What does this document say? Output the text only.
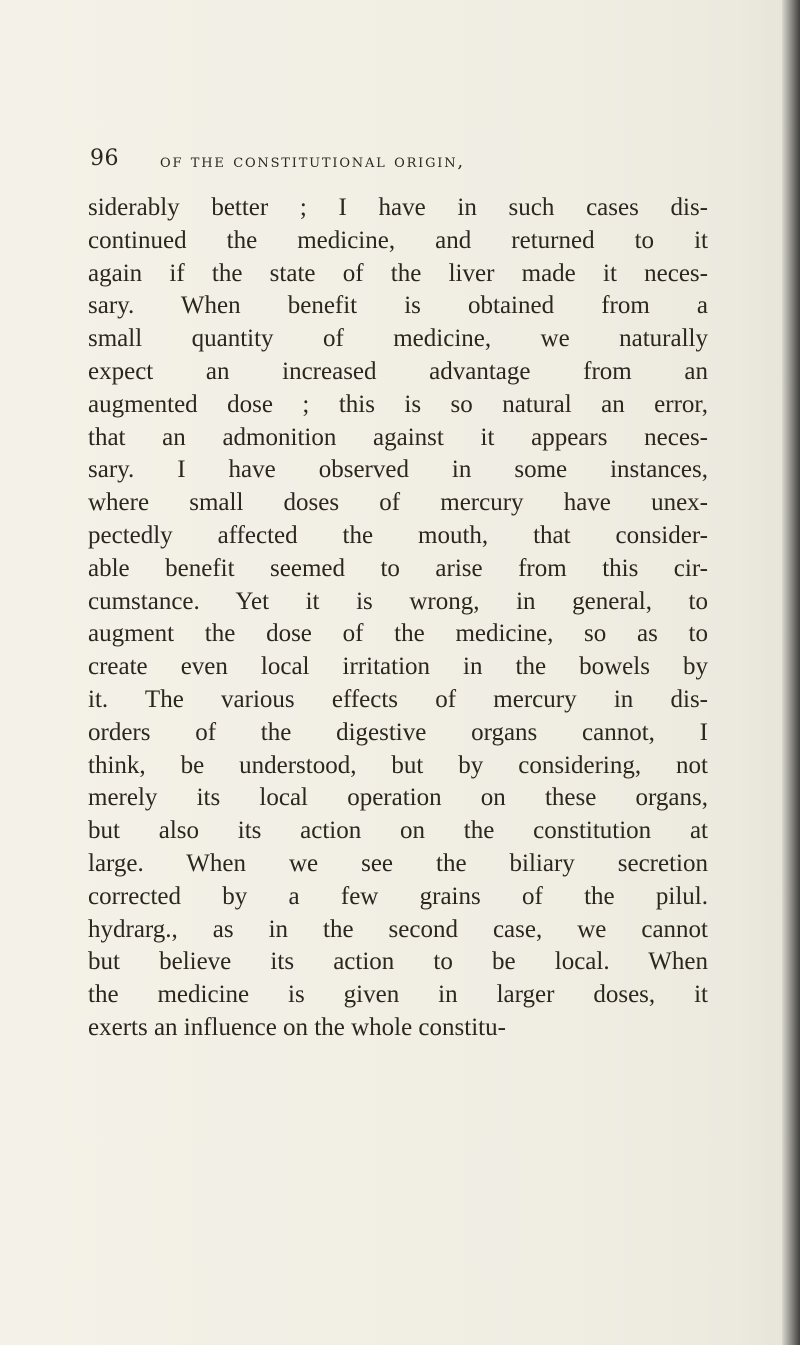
96 of the constitutional origin,
siderably better ; I have in such cases dis-
continued the medicine, and returned to it
again if the state of the liver made it neces-
sary. When benefit is obtained from a
small quantity of medicine, we naturally
expect an increased advantage from an
augmented dose ; this is so natural an error,
that an admonition against it appears neces-
sary. I have observed in some instances,
where small doses of mercury have unex-
pectedly affected the mouth, that consider-
able benefit seemed to arise from this cir-
cumstance. Yet it is wrong, in general, to
augment the dose of the medicine, so as to
create even local irritation in the bowels by
it. The various effects of mercury in dis-
orders of the digestive organs cannot, I
think, be understood, but by considering, not
merely its local operation on these organs,
but also its action on the constitution at
large. When we see the biliary secretion
corrected by a few grains of the pilul.
hydrarg., as in the second case, we cannot
but believe its action to be local. When
the medicine is given in larger doses, it
exerts an influence on the whole constitu-
